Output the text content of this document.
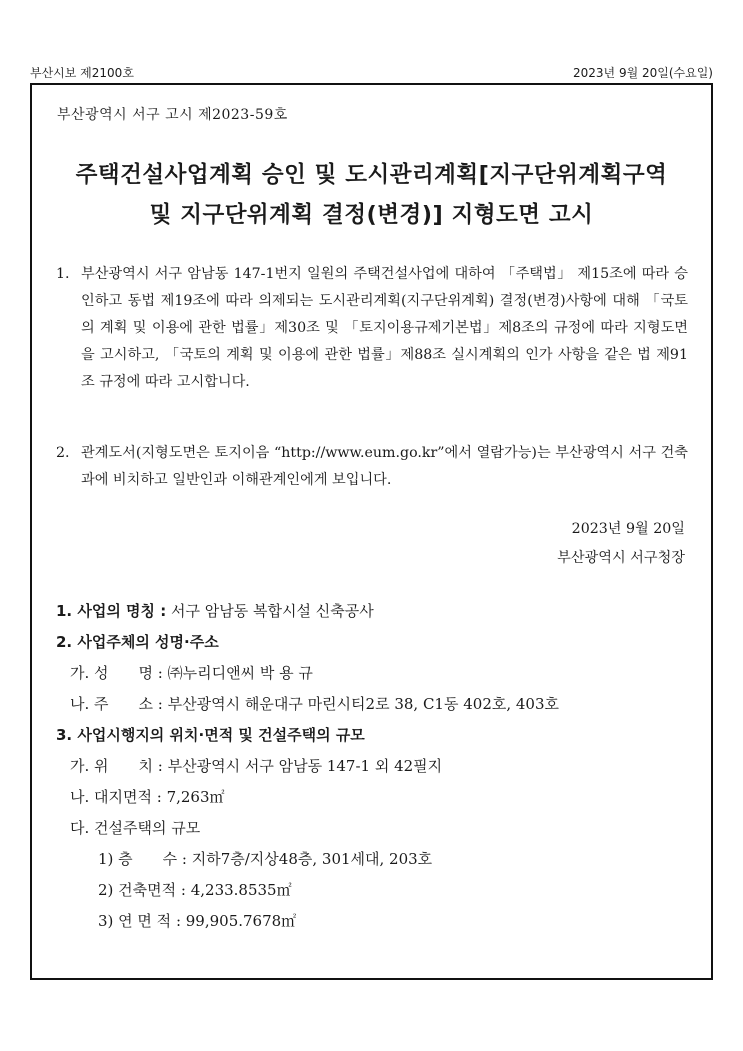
부산시보 제2100호	2023년 9월 20일(수요일)
부산광역시 서구 고시 제2023-59호
주택건설사업계획 승인 및 도시관리계획[지구단위계획구역
및 지구단위계획 결정(변경)] 지형도면 고시
1. 부산광역시 서구 암남동 147-1번지 일원의 주택건설사업에 대하여 「주택법」 제15조에 따라 승인하고 동법 제19조에 따라 의제되는 도시관리계획(지구단위계획) 결정(변경)사항에 대해 「국토의 계획 및 이용에 관한 법률」제30조 및 「토지이용규제기본법」제8조의 규정에 따라 지형도면을 고시하고, 「국토의 계획 및 이용에 관한 법률」제88조 실시계획의 인가 사항을 같은 법 제91조 규정에 따라 고시합니다.
2. 관계도서(지형도면은 토지이음 “http://www.eum.go.kr”에서 열람가능)는 부산광역시 서구 건축과에 비치하고 일반인과 이해관계인에게 보입니다.
2023년 9월 20일
부산광역시 서구청장
1. 사업의 명칭 : 서구 암남동 복합시설 신축공사
2. 사업주체의 성명·주소
가. 성　　명 : ㈜누리디앤씨 박 용 규
나. 주　　소 : 부산광역시 해운대구 마린시티2로 38, C1동 402호, 403호
3. 사업시행지의 위치·면적 및 건설주택의 규모
가. 위　　치 : 부산광역시 서구 암남동 147-1 외 42필지
나. 대지면적 : 7,263㎡
다. 건설주택의 규모
1) 층　　수 : 지하7층/지상48층, 301세대, 203호
2) 건축면적 : 4,233.8535㎡
3) 연 면 적 : 99,905.7678㎡
